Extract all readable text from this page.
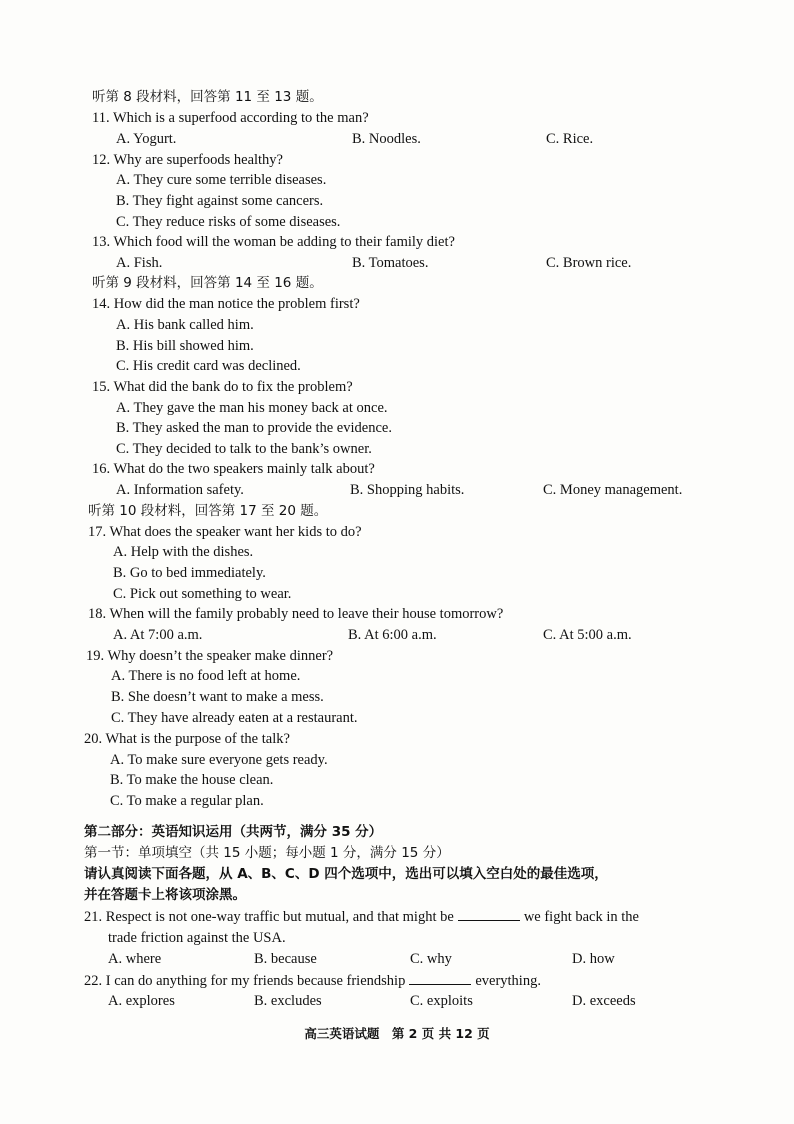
听第 8 段材料，回答第 11 至 13 题。
11. Which is a superfood according to the man?
A. Yogurt.	B. Noodles.	C. Rice.
12. Why are superfoods healthy?
A. They cure some terrible diseases.
B. They fight against some cancers.
C. They reduce risks of some diseases.
13. Which food will the woman be adding to their family diet?
A. Fish.	B. Tomatoes.	C. Brown rice.
听第 9 段材料，回答第 14 至 16 题。
14. How did the man notice the problem first?
A. His bank called him.
B. His bill showed him.
C. His credit card was declined.
15. What did the bank do to fix the problem?
A. They gave the man his money back at once.
B. They asked the man to provide the evidence.
C. They decided to talk to the bank’s owner.
16. What do the two speakers mainly talk about?
A. Information safety.	B. Shopping habits.	C. Money management.
听第 10 段材料，回答第 17 至 20 题。
17. What does the speaker want her kids to do?
A. Help with the dishes.
B. Go to bed immediately.
C. Pick out something to wear.
18. When will the family probably need to leave their house tomorrow?
A. At 7:00 a.m.	B. At 6:00 a.m.	C. At 5:00 a.m.
19. Why doesn’t the speaker make dinner?
A. There is no food left at home.
B. She doesn’t want to make a mess.
C. They have already eaten at a restaurant.
20. What is the purpose of the talk?
A. To make sure everyone gets ready.
B. To make the house clean.
C. To make a regular plan.
第二部分：英语知识运用（共两节，满分 35 分）
第一节：单项填空（共 15 小题；每小题 1 分，满分 15 分）
请认真阅读下面各题，从 A、B、C、D 四个选项中，选出可以填入空白处的最佳选项，
并在答题卡上将该项涂黑。
21. Respect is not one-way traffic but mutual, and that might be	we fight back in the
trade friction against the USA.
A. where	B. because	C. why	D. how
22. I can do anything for my friends because friendship	everything.
A. explores	B. excludes	C. exploits	D. exceeds
高三英语试题　第 2 页 共 12 页
